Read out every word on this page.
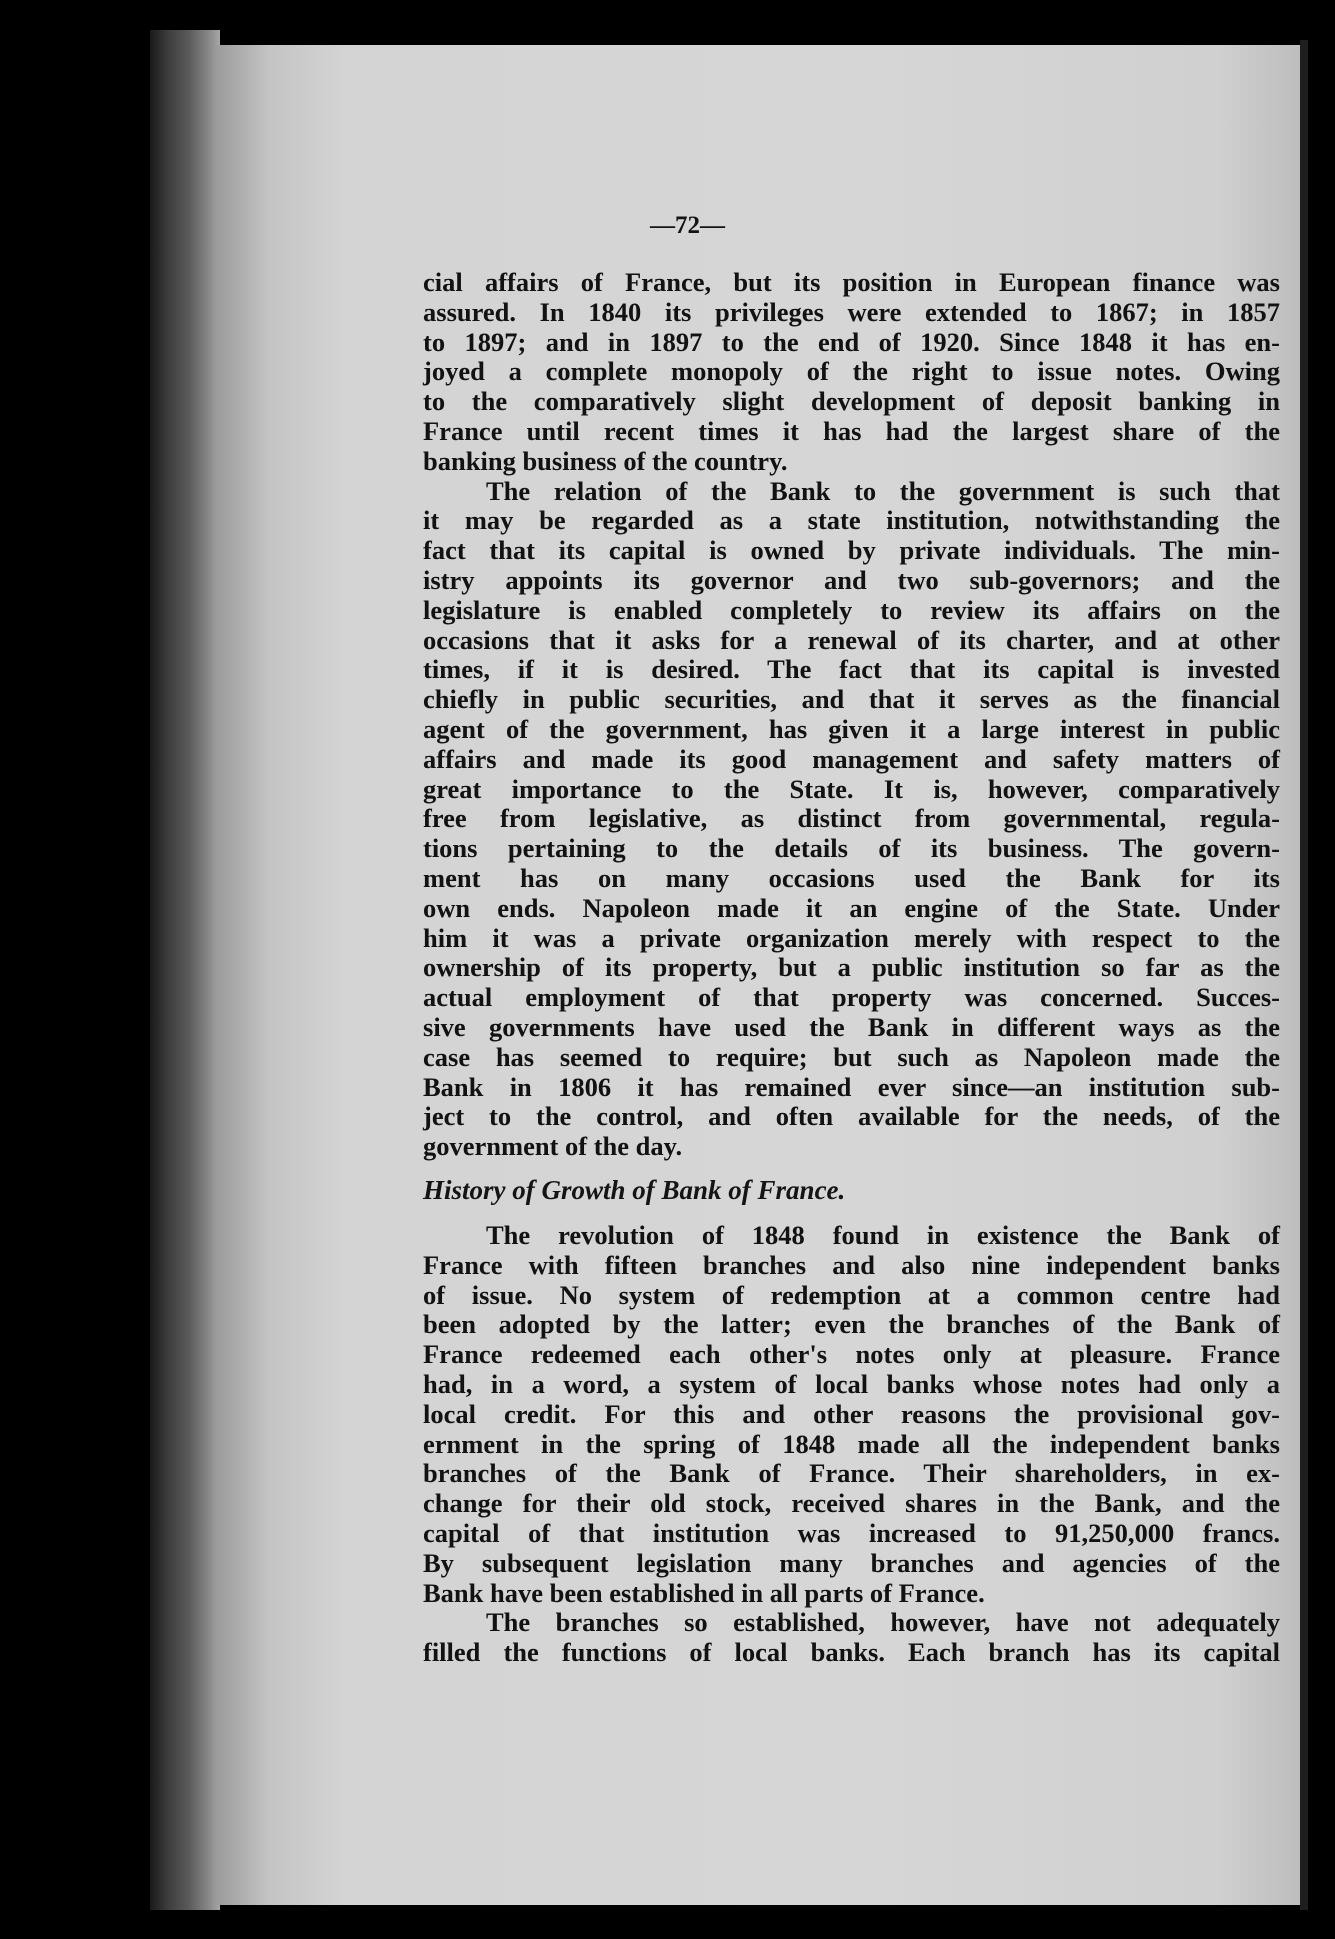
—72—
cial affairs of France, but its position in European finance was
assured. In 1840 its privileges were extended to 1867; in 1857
to 1897; and in 1897 to the end of 1920. Since 1848 it has en-
joyed a complete monopoly of the right to issue notes. Owing
to the comparatively slight development of deposit banking in
France until recent times it has had the largest share of the
banking business of the country.
The relation of the Bank to the government is such that
it may be regarded as a state institution, notwithstanding the
fact that its capital is owned by private individuals. The min-
istry appoints its governor and two sub-governors; and the
legislature is enabled completely to review its affairs on the
occasions that it asks for a renewal of its charter, and at other
times, if it is desired. The fact that its capital is invested
chiefly in public securities, and that it serves as the financial
agent of the government, has given it a large interest in public
affairs and made its good management and safety matters of
great importance to the State. It is, however, comparatively
free from legislative, as distinct from governmental, regula-
tions pertaining to the details of its business. The govern-
ment has on many occasions used the Bank for its
own ends. Napoleon made it an engine of the State. Under
him it was a private organization merely with respect to the
ownership of its property, but a public institution so far as the
actual employment of that property was concerned. Succes-
sive governments have used the Bank in different ways as the
case has seemed to require; but such as Napoleon made the
Bank in 1806 it has remained ever since—an institution sub-
ject to the control, and often available for the needs, of the
government of the day.
History of Growth of Bank of France.
The revolution of 1848 found in existence the Bank of
France with fifteen branches and also nine independent banks
of issue. No system of redemption at a common centre had
been adopted by the latter; even the branches of the Bank of
France redeemed each other's notes only at pleasure. France
had, in a word, a system of local banks whose notes had only a
local credit. For this and other reasons the provisional gov-
ernment in the spring of 1848 made all the independent banks
branches of the Bank of France. Their shareholders, in ex-
change for their old stock, received shares in the Bank, and the
capital of that institution was increased to 91,250,000 francs.
By subsequent legislation many branches and agencies of the
Bank have been established in all parts of France.
The branches so established, however, have not adequately
filled the functions of local banks. Each branch has its capital
